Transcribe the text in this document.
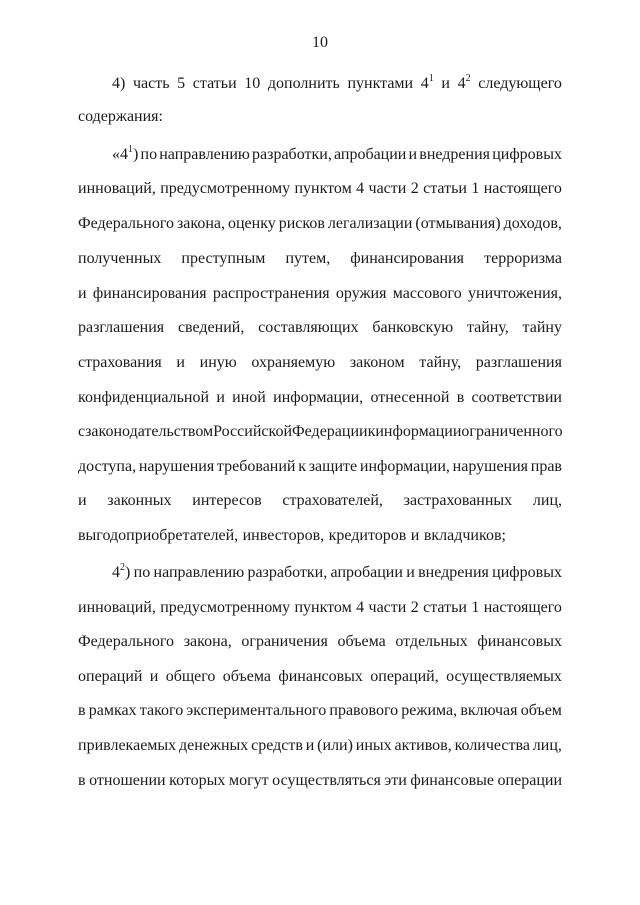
10
4) часть 5 статьи 10 дополнить пунктами $4^1$ и $4^2$ следующего
содержания:
«$4^1$) по направлению разработки, апробации и внедрения цифровых
инноваций, предусмотренному пунктом 4 части 2 статьи 1 настоящего
Федерального закона, оценку рисков легализации (отмывания) доходов,
полученных преступным путем, финансирования терроризма
и финансирования распространения оружия массового уничтожения,
разглашения сведений, составляющих банковскую тайну, тайну
страхования и иную охраняемую законом тайну, разглашения
конфиденциальной и иной информации, отнесенной в соответствии
с законодательством Российской Федерации к информации ограниченного
доступа, нарушения требований к защите информации, нарушения прав
и законных интересов страхователей, застрахованных лиц,
выгодоприобретателей, инвесторов, кредиторов и вкладчиков;
$4^2$) по направлению разработки, апробации и внедрения цифровых
инноваций, предусмотренному пунктом 4 части 2 статьи 1 настоящего
Федерального закона, ограничения объема отдельных финансовых
операций и общего объема финансовых операций, осуществляемых
в рамках такого экспериментального правового режима, включая объем
привлекаемых денежных средств и (или) иных активов, количества лиц,
в отношении которых могут осуществляться эти финансовые операции
